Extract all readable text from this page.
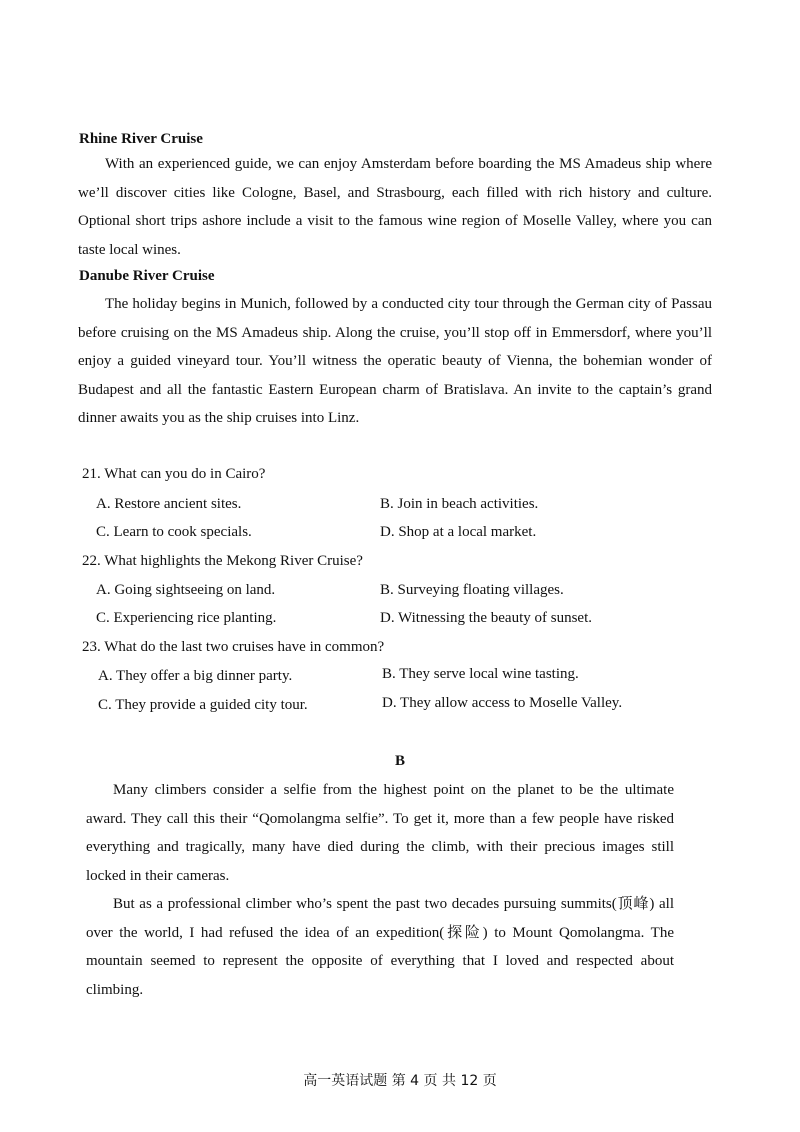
Rhine River Cruise

With an experienced guide, we can enjoy Amsterdam before boarding the MS Amadeus ship where we’ll discover cities like Cologne, Basel, and Strasbourg, each filled with rich history and culture. Optional short trips ashore include a visit to the famous wine region of Moselle Valley, where you can taste local wines.

Danube River Cruise

The holiday begins in Munich, followed by a conducted city tour through the German city of Passau before cruising on the MS Amadeus ship. Along the cruise, you’ll stop off in Emmersdorf, where you’ll enjoy a guided vineyard tour. You’ll witness the operatic beauty of Vienna, the bohemian wonder of Budapest and all the fantastic Eastern European charm of Bratislava. An invite to the captain’s grand dinner awaits you as the ship cruises into Linz.

21. What can you do in Cairo?
A. Restore ancient sites.	B. Join in beach activities.
C. Learn to cook specials.	D. Shop at a local market.
22. What highlights the Mekong River Cruise?
A. Going sightseeing on land.	B. Surveying floating villages.
C. Experiencing rice planting.	D. Witnessing the beauty of sunset.
23. What do the last two cruises have in common?
A. They offer a big dinner party.	B. They serve local wine tasting.
C. They provide a guided city tour.	D. They allow access to Moselle Valley.
B

Many climbers consider a selfie from the highest point on the planet to be the ultimate award. They call this their “Qomolangma selfie”. To get it, more than a few people have risked everything and tragically, many have died during the climb, with their precious images still locked in their cameras.

But as a professional climber who’s spent the past two decades pursuing summits(顶峰) all over the world, I had refused the idea of an expedition(探险) to Mount Qomolangma. The mountain seemed to represent the opposite of everything that I loved and respected about climbing.

高一英语试题 第 4 页 共 12 页
